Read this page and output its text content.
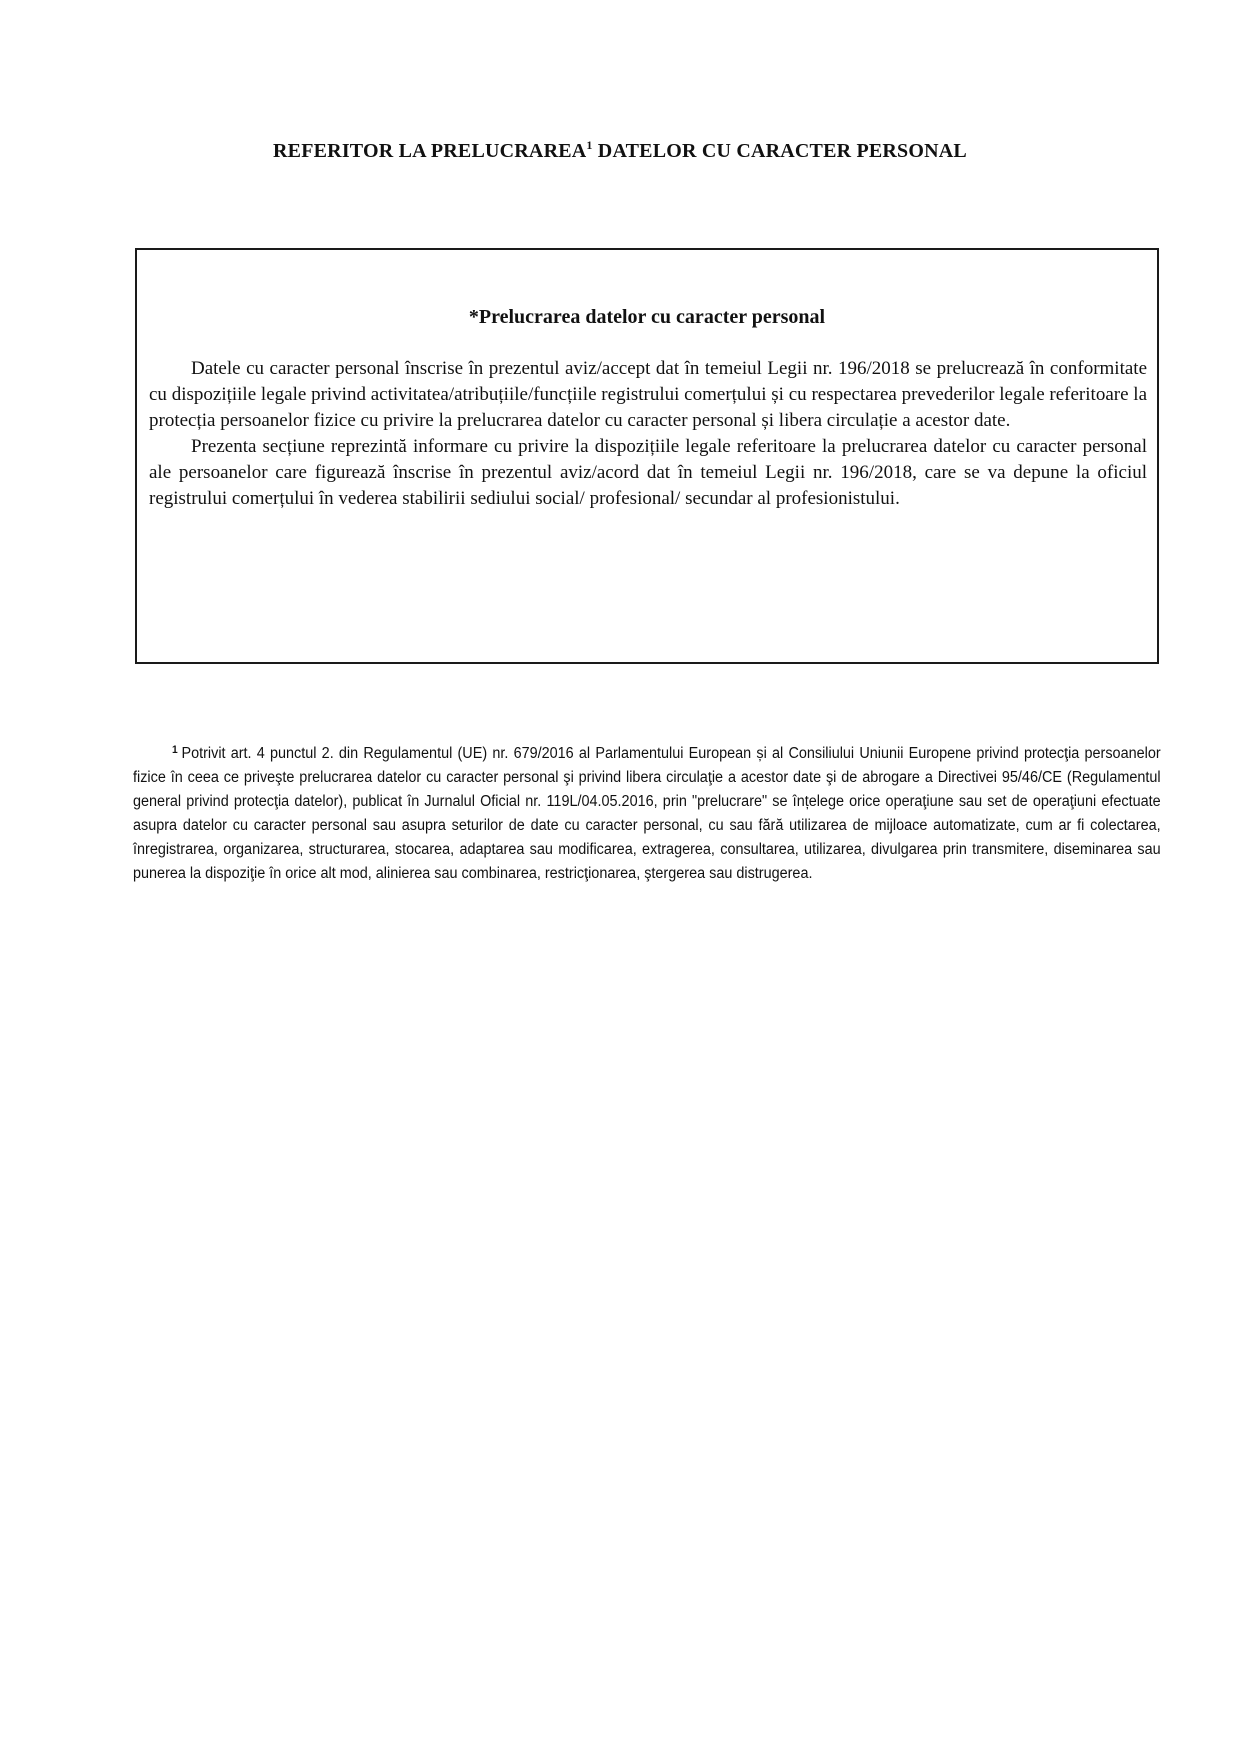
REFERITOR LA PRELUCRAREA$^1$ DATELOR CU CARACTER PERSONAL
*Prelucrarea datelor cu caracter personal

Datele cu caracter personal înscrise în prezentul aviz/accept dat în temeiul Legii nr. 196/2018 se prelucrează în conformitate cu dispozițiile legale privind activitatea/atribuțiile/funcțiile registrului comerțului și cu respectarea prevederilor legale referitoare la protecția persoanelor fizice cu privire la prelucrarea datelor cu caracter personal și libera circulație a acestor date.

Prezenta secțiune reprezintă informare cu privire la dispozițiile legale referitoare la prelucrarea datelor cu caracter personal ale persoanelor care figurează înscrise în prezentul aviz/acord dat în temeiul Legii nr. 196/2018, care se va depune la oficiul registrului comerțului în vederea stabilirii sediului social/ profesional/ secundar al profesionistului.

$^1$ Potrivit art. 4 punctul 2. din Regulamentul (UE) nr. 679/2016 al Parlamentului European și al Consiliului Uniunii Europene privind protecţia persoanelor fizice în ceea ce priveşte prelucrarea datelor cu caracter personal şi privind libera circulaţie a acestor date şi de abrogare a Directivei 95/46/CE (Regulamentul general privind protecţia datelor), publicat în Jurnalul Oficial nr. 119L/04.05.2016, prin "prelucrare" se înțelege orice operaţiune sau set de operaţiuni efectuate asupra datelor cu caracter personal sau asupra seturilor de date cu caracter personal, cu sau fără utilizarea de mijloace automatizate, cum ar fi colectarea, înregistrarea, organizarea, structurarea, stocarea, adaptarea sau modificarea, extragerea, consultarea, utilizarea, divulgarea prin transmitere, diseminarea sau punerea la dispoziţie în orice alt mod, alinierea sau combinarea, restricţionarea, ştergerea sau distrugerea.
